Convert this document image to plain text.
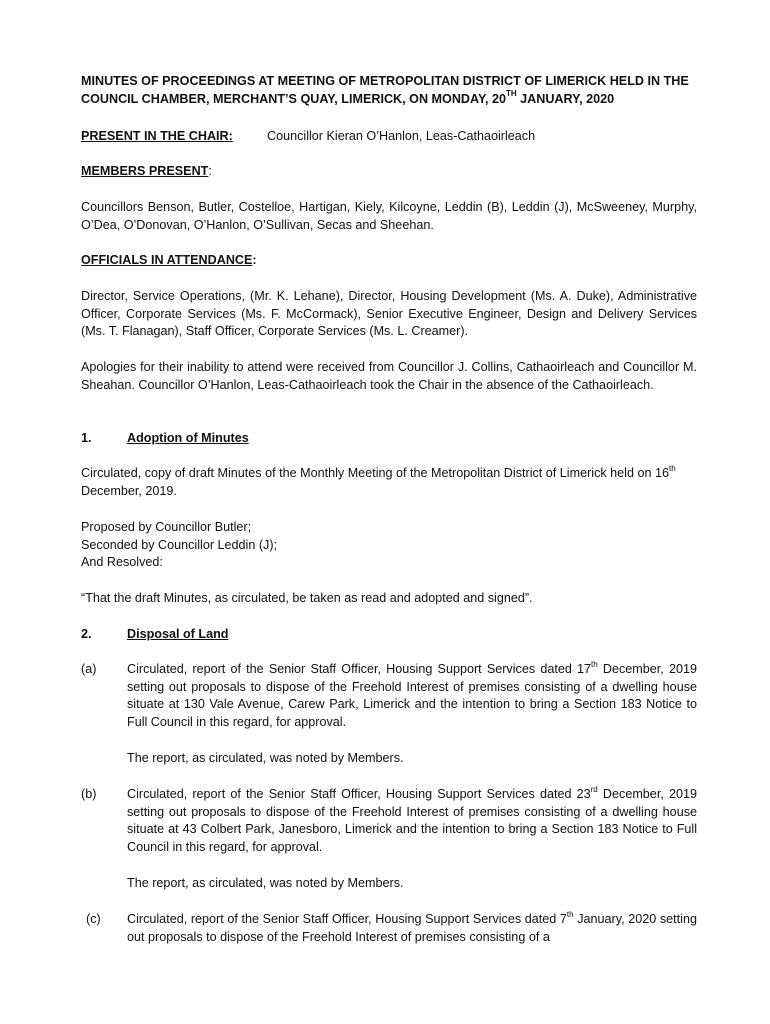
MINUTES OF PROCEEDINGS AT MEETING OF METROPOLITAN DISTRICT OF LIMERICK HELD IN THE COUNCIL CHAMBER, MERCHANT’S QUAY, LIMERICK, ON MONDAY, 20TH JANUARY, 2020

PRESENT IN THE CHAIR:	Councillor Kieran O’Hanlon, Leas-Cathaoirleach

MEMBERS PRESENT:

Councillors Benson, Butler, Costelloe, Hartigan, Kiely, Kilcoyne, Leddin (B), Leddin (J), McSweeney, Murphy, O’Dea, O’Donovan, O’Hanlon, O’Sullivan, Secas and Sheehan.

OFFICIALS IN ATTENDANCE:

Director, Service Operations, (Mr. K. Lehane), Director, Housing Development (Ms. A. Duke), Administrative Officer, Corporate Services (Ms. F. McCormack), Senior Executive Engineer, Design and Delivery Services (Ms. T. Flanagan), Staff Officer, Corporate Services (Ms. L. Creamer).

Apologies for their inability to attend were received from Councillor J. Collins, Cathaoirleach and Councillor M. Sheahan. Councillor O’Hanlon, Leas-Cathaoirleach took the Chair in the absence of the Cathaoirleach.

1.	Adoption of Minutes

Circulated, copy of draft Minutes of the Monthly Meeting of the Metropolitan District of Limerick held on 16th December, 2019.

Proposed by Councillor Butler;

Seconded by Councillor Leddin (J);

And Resolved:

“That the draft Minutes, as circulated, be taken as read and adopted and signed”.

2.	Disposal of Land

(a) Circulated, report of the Senior Staff Officer, Housing Support Services dated 17th December, 2019 setting out proposals to dispose of the Freehold Interest of premises consisting of a dwelling house situate at 130 Vale Avenue, Carew Park, Limerick and the intention to bring a Section 183 Notice to Full Council in this regard, for approval.

The report, as circulated, was noted by Members.

(b) Circulated, report of the Senior Staff Officer, Housing Support Services dated 23rd December, 2019 setting out proposals to dispose of the Freehold Interest of premises consisting of a dwelling house situate at 43 Colbert Park, Janesboro, Limerick and the intention to bring a Section 183 Notice to Full Council in this regard, for approval.

The report, as circulated, was noted by Members.

(c) Circulated, report of the Senior Staff Officer, Housing Support Services dated 7th January, 2020 setting out proposals to dispose of the Freehold Interest of premises consisting of a
